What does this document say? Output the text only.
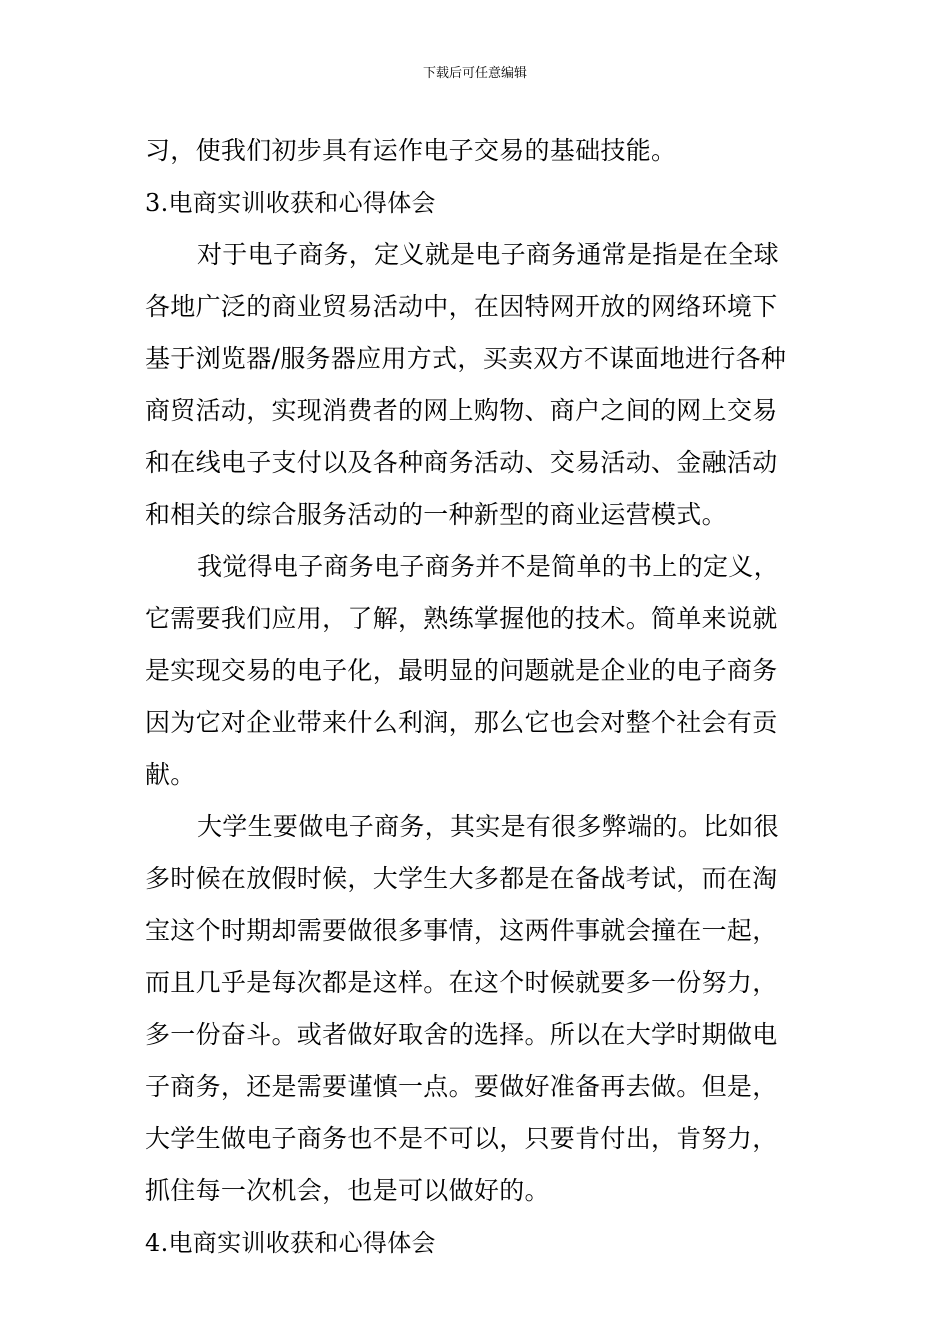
下载后可任意编辑
习，使我们初步具有运作电子交易的基础技能。
3.电商实训收获和心得体会
对于电子商务，定义就是电子商务通常是指是在全球
各地广泛的商业贸易活动中，在因特网开放的网络环境下
基于浏览器/服务器应用方式，买卖双方不谋面地进行各种
商贸活动，实现消费者的网上购物、商户之间的网上交易
和在线电子支付以及各种商务活动、交易活动、金融活动
和相关的综合服务活动的一种新型的商业运营模式。
我觉得电子商务电子商务并不是简单的书上的定义，
它需要我们应用，了解，熟练掌握他的技术。简单来说就
是实现交易的电子化，最明显的问题就是企业的电子商务
因为它对企业带来什么利润，那么它也会对整个社会有贡
献。
大学生要做电子商务，其实是有很多弊端的。比如很
多时候在放假时候，大学生大多都是在备战考试，而在淘
宝这个时期却需要做很多事情，这两件事就会撞在一起，
而且几乎是每次都是这样。在这个时候就要多一份努力，
多一份奋斗。或者做好取舍的选择。所以在大学时期做电
子商务，还是需要谨慎一点。要做好准备再去做。但是，
大学生做电子商务也不是不可以，只要肯付出，肯努力，
抓住每一次机会，也是可以做好的。
4.电商实训收获和心得体会
